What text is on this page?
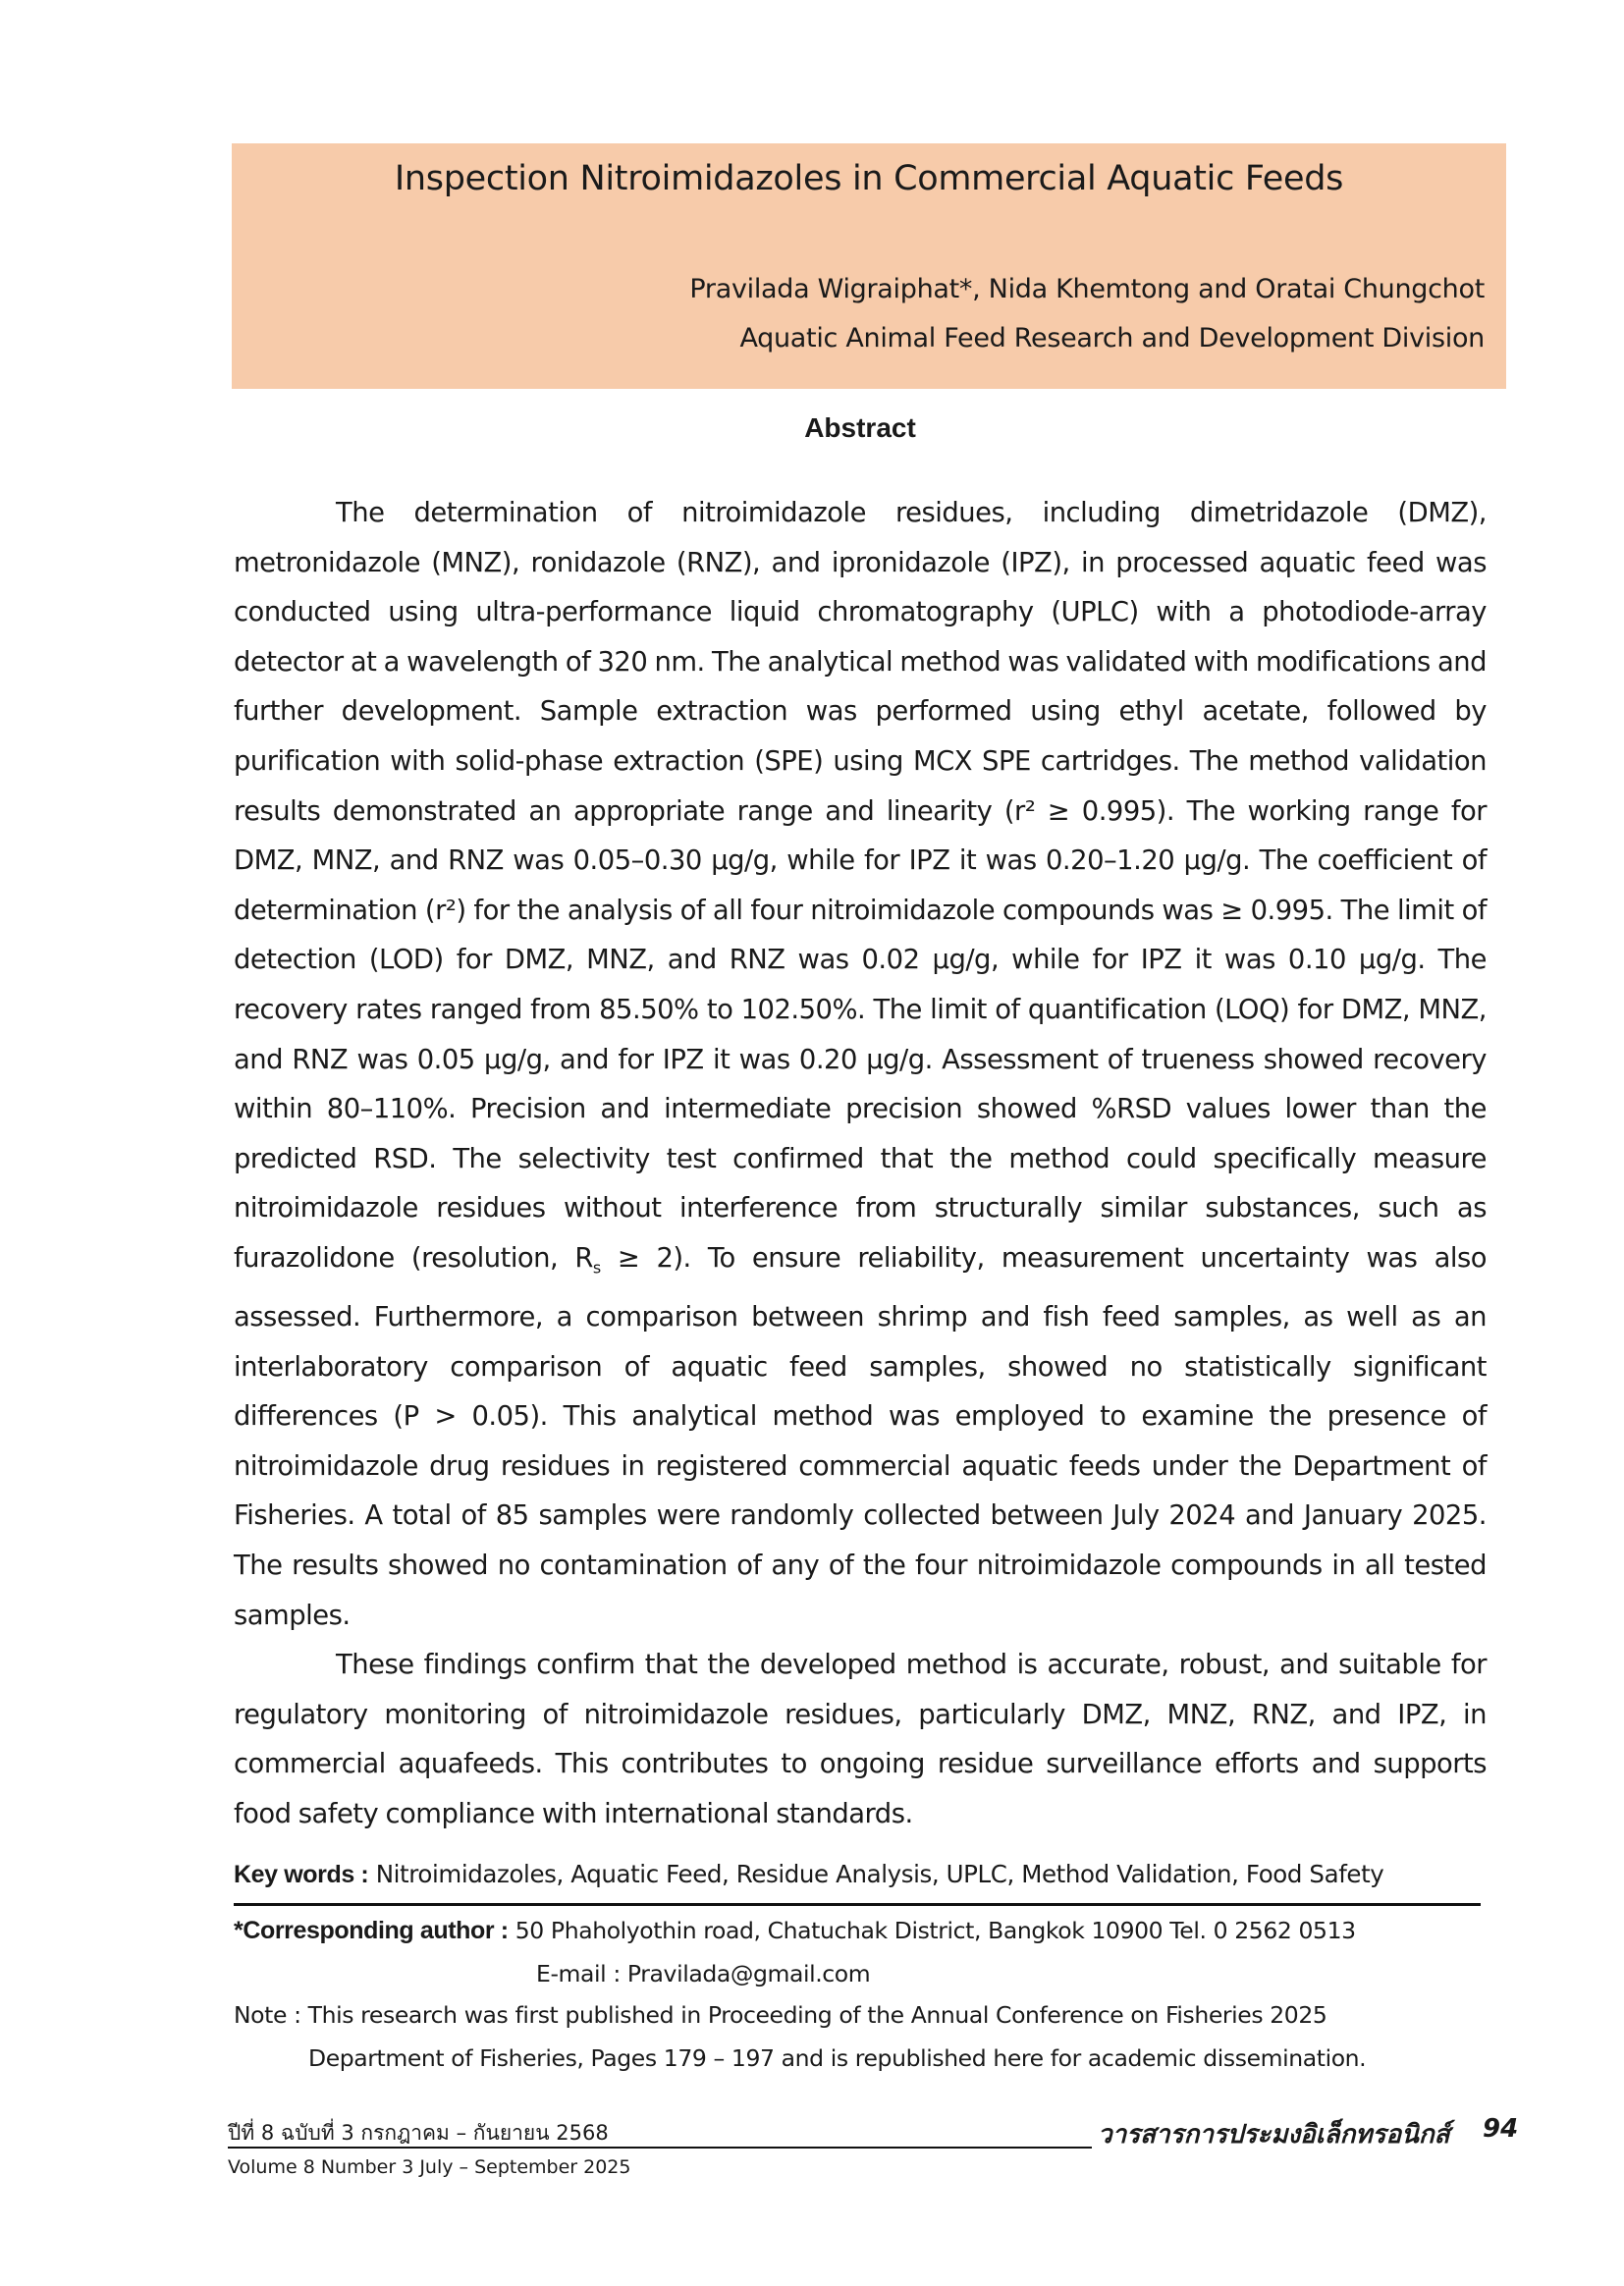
Inspection Nitroimidazoles in Commercial Aquatic Feeds
Pravilada Wigraiphat*, Nida Khemtong and Oratai Chungchot
Aquatic Animal Feed Research and Development Division
Abstract

The determination of nitroimidazole residues, including dimetridazole (DMZ), metronidazole (MNZ), ronidazole (RNZ), and ipronidazole (IPZ), in processed aquatic feed was conducted using ultra-performance liquid chromatography (UPLC) with a photodiode-array detector at a wavelength of 320 nm. The analytical method was validated with modifications and further development. Sample extraction was performed using ethyl acetate, followed by purification with solid-phase extraction (SPE) using MCX SPE cartridges. The method validation results demonstrated an appropriate range and linearity (r² ≥ 0.995). The working range for DMZ, MNZ, and RNZ was 0.05–0.30 µg/g, while for IPZ it was 0.20–1.20 µg/g. The coefficient of determination (r²) for the analysis of all four nitroimidazole compounds was ≥ 0.995. The limit of detection (LOD) for DMZ, MNZ, and RNZ was 0.02 µg/g, while for IPZ it was 0.10 µg/g. The recovery rates ranged from 85.50% to 102.50%. The limit of quantification (LOQ) for DMZ, MNZ, and RNZ was 0.05 µg/g, and for IPZ it was 0.20 µg/g. Assessment of trueness showed recovery within 80–110%. Precision and intermediate precision showed %RSD values lower than the predicted RSD. The selectivity test confirmed that the method could specifically measure nitroimidazole residues without interference from structurally similar substances, such as furazolidone (resolution, $R_s \ge 2$). To ensure reliability, measurement uncertainty was also assessed. Furthermore, a comparison between shrimp and fish feed samples, as well as an interlaboratory comparison of aquatic feed samples, showed no statistically significant differences (P > 0.05). This analytical method was employed to examine the presence of nitroimidazole drug residues in registered commercial aquatic feeds under the Department of Fisheries. A total of 85 samples were randomly collected between July 2024 and January 2025. The results showed no contamination of any of the four nitroimidazole compounds in all tested samples.

These findings confirm that the developed method is accurate, robust, and suitable for regulatory monitoring of nitroimidazole residues, particularly DMZ, MNZ, RNZ, and IPZ, in commercial aquafeeds. This contributes to ongoing residue surveillance efforts and supports food safety compliance with international standards.

Key words : Nitroimidazoles, Aquatic Feed, Residue Analysis, UPLC, Method Validation, Food Safety
*Corresponding author : 50 Phaholyothin road, Chatuchak District, Bangkok 10900 Tel. 0 2562 0513
E-mail : Pravilada@gmail.com
Note : This research was first published in Proceeding of the Annual Conference on Fisheries 2025
Department of Fisheries, Pages 179 – 197 and is republished here for academic dissemination.
ปีที่ 8 ฉบับที่ 3 กรกฎาคม – กันยายน 2568	วารสารการประมงอิเล็กทรอนิกส์ 94
Volume 8 Number 3 July – September 2025
